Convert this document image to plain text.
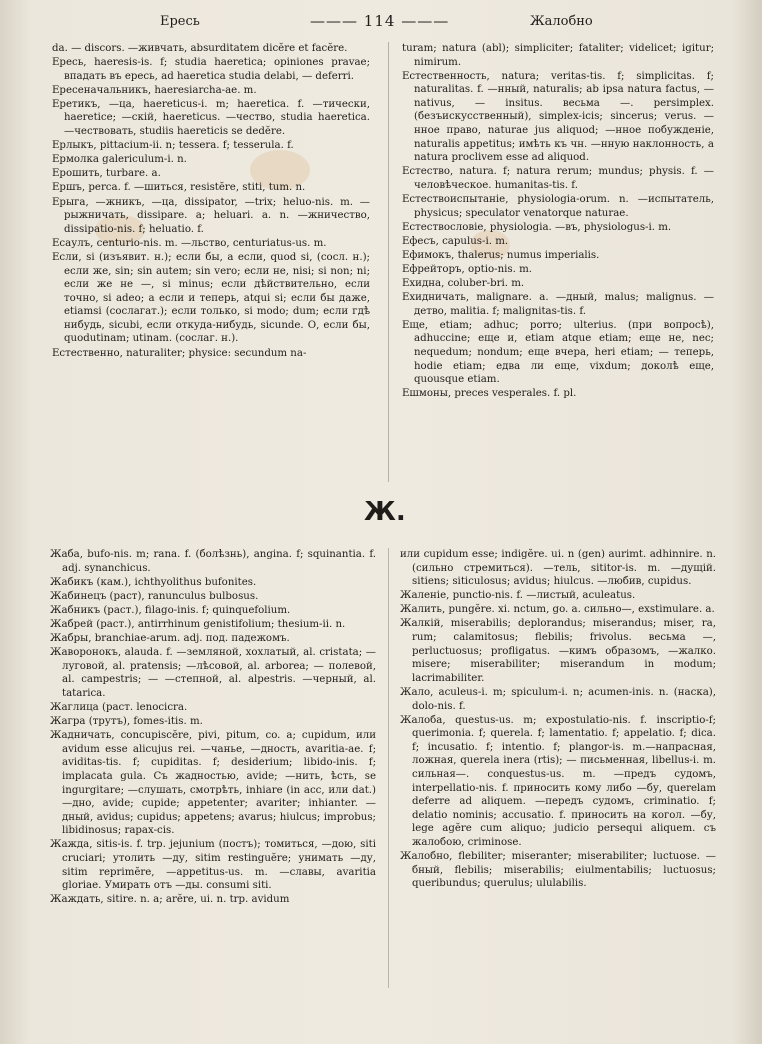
Ересь	——— 114 ———	Жалобно

da. — discors. —живчать, absurditatem dicĕre et facĕre.

Ересь, haeresis-is. f; studia haeretica; opiniones pravae; впадать въ ересь, ad haeretica studia delabi, — deferri.

Ересеначальникъ, haeresiarcha-ae. m.

Еретикъ, —ца, haereticus-i. m; haeretica. f. —тически, haeretice; —скій, haereticus. —чество, studia haeretica. —чествовать, studiis haereticis se dedĕre.

Ерлыкъ, pittacium-ii. n; tessera. f; tesserula. f.

Ермолка galericulum-i. n.

Ерошить, turbare. a.

Ершъ, perca. f. —шиться, resistĕre, stiti, tum. n.

Ерыга, —жникъ, —ца, dissipator, —trix; heluo-nis. m. —рыжничать, dissipare. a; heluari. a. n. —жничество, dissipatio-nis. f; heluatio. f.

Есаулъ, centurio-nis. m. —льство, centuriatus-us. m.

Если, si (изъявит. н.); если бы, а если, quod si, (сосл. н.); если же, sin; sin autem; sin vero; если не, nisi; si non; ni; если же не —, si minus; если дѣйствительно, если точно, si adeo; а если и теперь, atqui si; если бы даже, etiamsi (сослагат.); если только, si modo; dum; если гдѣ нибудь, sicubi, если откуда-нибудь, sicunde. О, если бы, quodutinam; utinam. (сослаг. н.).

Естественно, naturaliter; physice: secundum na-

turam; natura (abl); simpliciter; fataliter; videlicet; igitur; nimirum.

Естественность, natura; veritas-tis. f; simplicitas. f; naturalitas. f. —нный, naturalis; ab ipsa natura factus, —nativus, — insitus. весьма —. persimplex. (безъискусственный), simplex-icis; sincerus; verus. —нное право, naturae jus aliquod; —нное побужденіе, naturalis appetitus; имѣть къ чн. —нную наклонность, a natura proclivem esse ad aliquod.

Естество, natura. f; natura rerum; mundus; physis. f. — человѣческое. humanitas-tis. f.

Естествоиспытаніе, physiologia-orum. n. —испытатель, physicus; speculator venatorque naturae.

Естествословіе, physiologia. —въ, physiologus-i. m.

Ефесъ, capulus-i. m.

Ефимокъ, thalerus; numus imperialis.

Ефрейторъ, optio-nis. m.

Ехидна, coluber-bri. m.

Ехидничать, malignare. a. —дный, malus; malignus. —детво, malitia. f; malignitas-tis. f.

Еще, etiam; adhuc; porro; ulterius. (при вопросѣ), adhuccine; еще и, etiam atque etiam; еще не, nec; nequedum; nondum; еще вчера, heri etiam; — теперь, hodie etiam; едва ли еще, vixdum; доколѣ еще, quousque etiam.

Ешмоны, preces vesperales. f. pl.

Ж.

Жаба, bufo-nis. m; rana. f. (болѣзнь), angina. f; squinantia. f. adj. synanchicus.

Жабикъ (кам.), ichthyolithus bufonites.

Жабинецъ (раст), ranunculus bulbosus.

Жабникъ (раст.), filago-inis. f; quinquefolium.

Жабрей (раст.), antirrhinum genistifolium; thesium-ii. n.

Жабры, branchiae-arum. adj. под. падежомъ.

Жаворонокъ, alauda. f. —земляной, хохлатый, al. cristata; —луговой, al. pratensis; —лѣсовой, al. arborea; — полевой, al. campestris; — —степной, al. alpestris. —черный, al. tatarica.

Жаглица (раст. lenocicra.

Жагра (трутъ), fomes-itis. m.

Жадничать, concupiscĕre, pivi, pitum, co. a; cupidum, или avidum esse alicujus rei. —чанье, —дность, avaritia-ae. f; aviditas-tis. f; cupiditas. f; desiderium; libido-inis. f; implacata gula. Съ жадностью, avide; —нить, ѣсть, se ingurgitare; —слушать, смотрѣть, inhiare (in acc, или dat.) —дно, avide; cupide; appetenter; avariter; inhianter. —дный, avidus; cupidus; appetens; avarus; hiulcus; improbus; libidinosus; rapax-cis.

Жажда, sitis-is. f. trp. jejunium (постъ); томиться, —дою, siti cruciari; утолить —ду, sitim restinguĕre; унимать —ду, sitim reprimĕre, —appetitus-us. m. —славы, avaritia gloriae. Умирать отъ —ды. consumi siti.

Жаждать, sitire. n. a; arĕre, ui. n. trp. avidum

или cupidum esse; indigĕre. ui. n (gen) aurimt. adhinnire. n. (сильно стремиться). —тель, sititor-is. m. —дущій. sitiens; siticulosus; avidus; hiulcus. —любив, cupidus.

Жаленіе, punctio-nis. f. —листый, aculeatus.

Жалить, pungĕre. xi. nctum, go. a. сильно—, exstimulare. a.

Жалкій, miserabilis; deplorandus; miserandus; miser, ra, rum; calamitosus; flebilis; frivolus. весьма —, perluctuosus; profligatus. —кимъ образомъ, —жалко. misere; miserabiliter; miserandum in modum; lacrimabiliter.

Жало, aculeus-i. m; spiculum-i. n; acumen-inis. n. (наска), dolo-nis. f.

Жалоба, questus-us. m; expostulatio-nis. f. inscriptio-f; querimonia. f; querela. f; lamentatio. f; appelatio. f; dica. f; incusatio. f; intentio. f; plangor-is. m.—напрасная, ложная, querela inera (rtis); — письменная, libellus-i. m. сильная—. conquestus-us. m. —предъ судомъ, interpellatio-nis. f. приносить кому либо —бу, querelam deferre ad aliquem. —передъ судомъ, criminatio. f; delatio nominis; accusatio. f. приносить на когол. —бу, lege agĕre cum aliquo; judicio persequi aliquem. съ жалобою, criminose.

Жалобно, flebiliter; miseranter; miserabiliter; luctuose. —бный, flebilis; miserabilis; eiulmentabilis; luctuosus; queribundus; querulus; ululabilis.
